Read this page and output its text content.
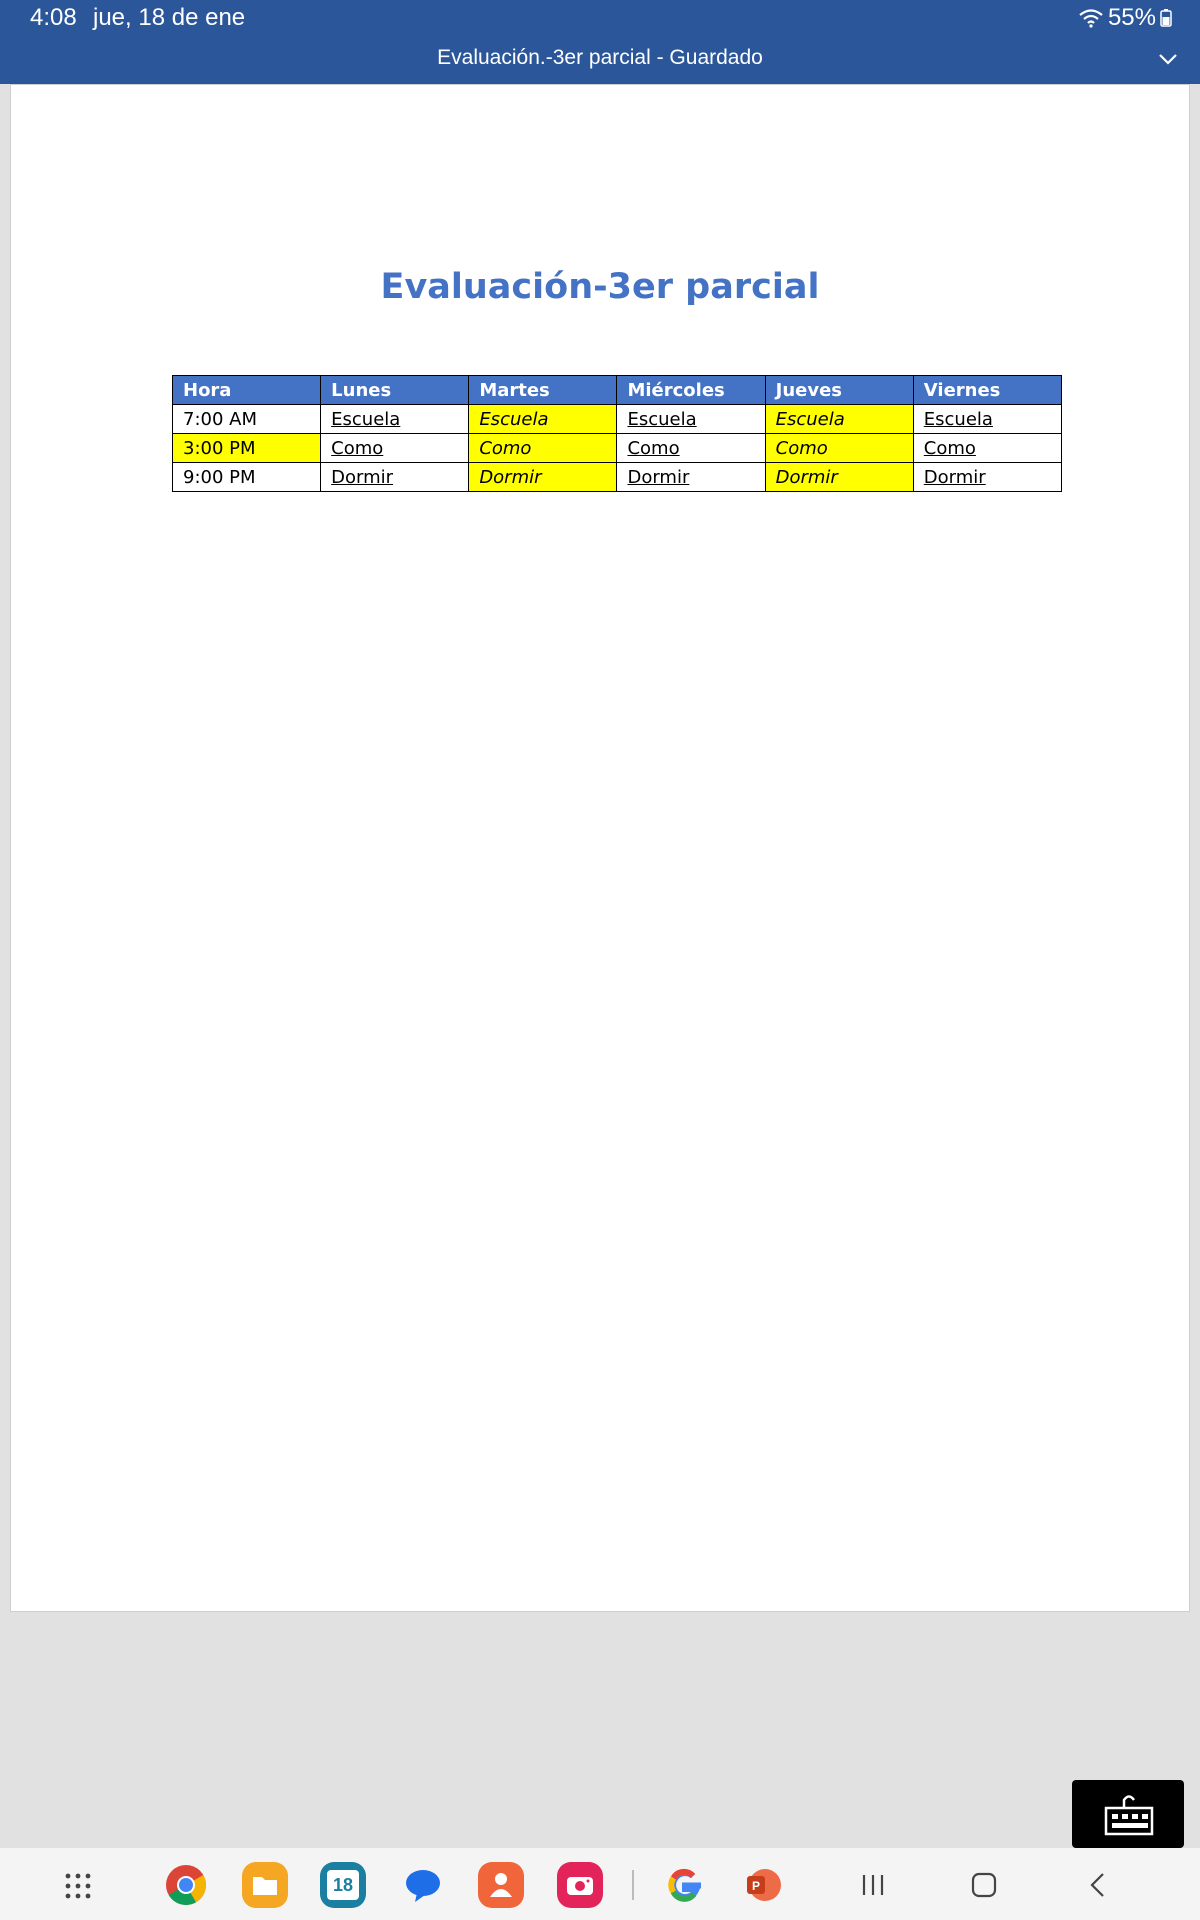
4:08 jue, 18 de ene	55%
Evaluación.-3er parcial - Guardado
Evaluación-3er parcial
Hora	Lunes	Martes	Miércoles	Jueves	Viernes
7:00 AM	Escuela	Escuela	Escuela	Escuela	Escuela
3:00 PM	Como	Como	Como	Como	Como
9:00 PM	Dormir	Dormir	Dormir	Dormir	Dormir
18	P
